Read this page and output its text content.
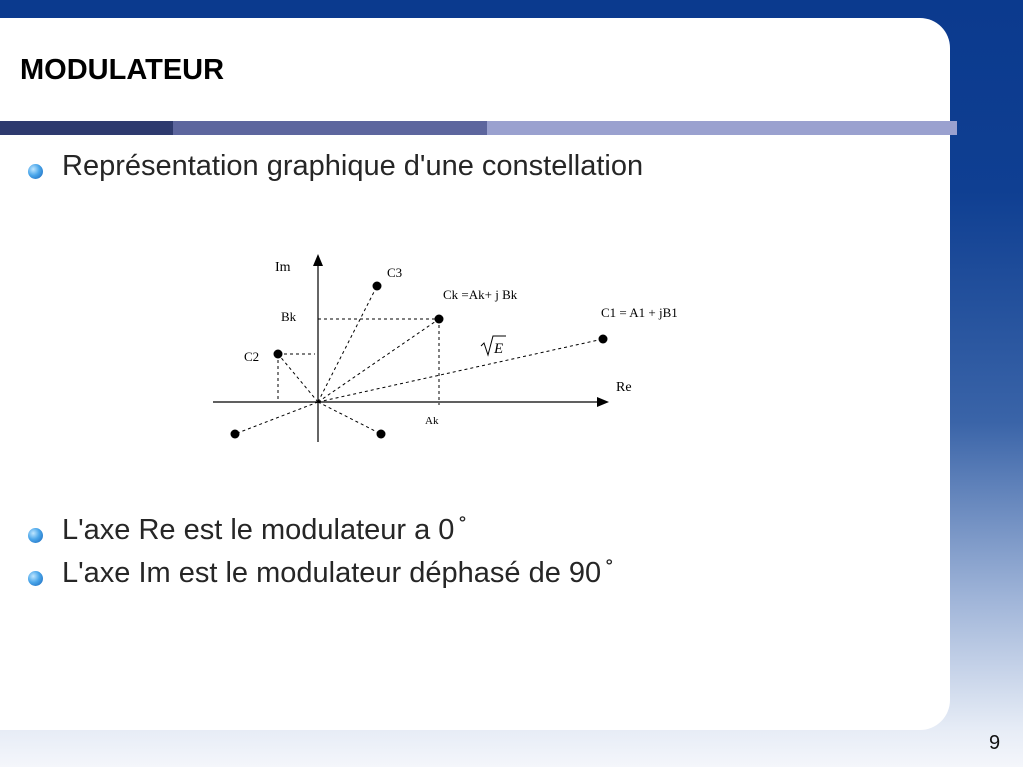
MODULATEUR
Représentation graphique d'une constellation
Im
Re
C3
Ck =Ak+ j Bk
C1 = A1 + jB1
C2
Bk
Ak
E
L'axe Re est le modulateur a 0 ̊
L'axe Im est le modulateur déphasé de 90 ̊
9
